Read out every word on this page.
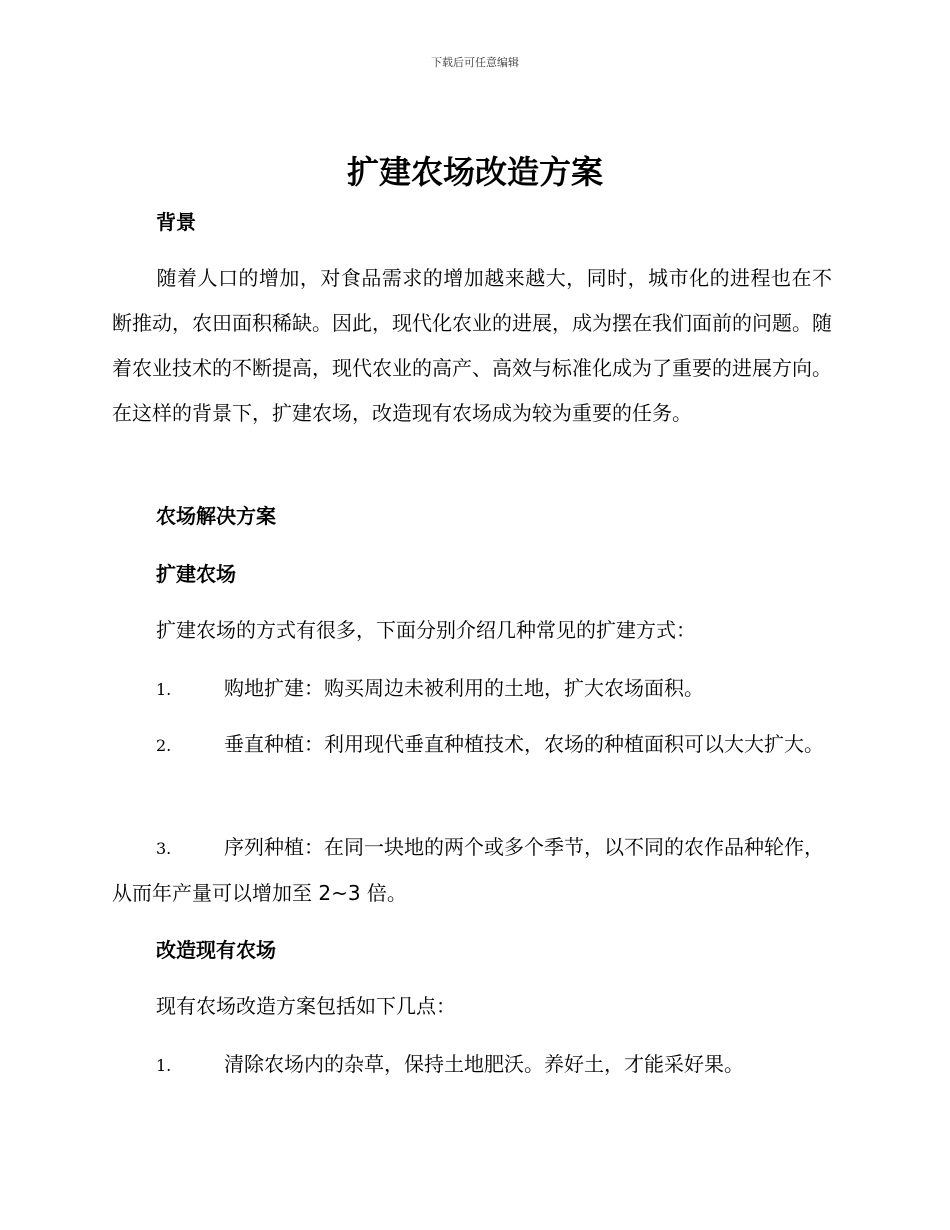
下载后可任意编辑
扩建农场改造方案
背景

随着人口的增加，对食品需求的增加越来越大，同时，城市化的进程也在不断推动，农田面积稀缺。因此，现代化农业的进展，成为摆在我们面前的问题。随着农业技术的不断提高，现代农业的高产、高效与标准化成为了重要的进展方向。在这样的背景下，扩建农场，改造现有农场成为较为重要的任务。

农场解决方案
扩建农场

扩建农场的方式有很多，下面分别介绍几种常见的扩建方式：

1.	购地扩建：购买周边未被利用的土地，扩大农场面积。

2.	垂直种植：利用现代垂直种植技术，农场的种植面积可以大大扩大。

3.	序列种植：在同一块地的两个或多个季节，以不同的农作品种轮作，从而年产量可以增加至 2~3 倍。

改造现有农场

现有农场改造方案包括如下几点：

1.	清除农场内的杂草，保持土地肥沃。养好土，才能采好果。
